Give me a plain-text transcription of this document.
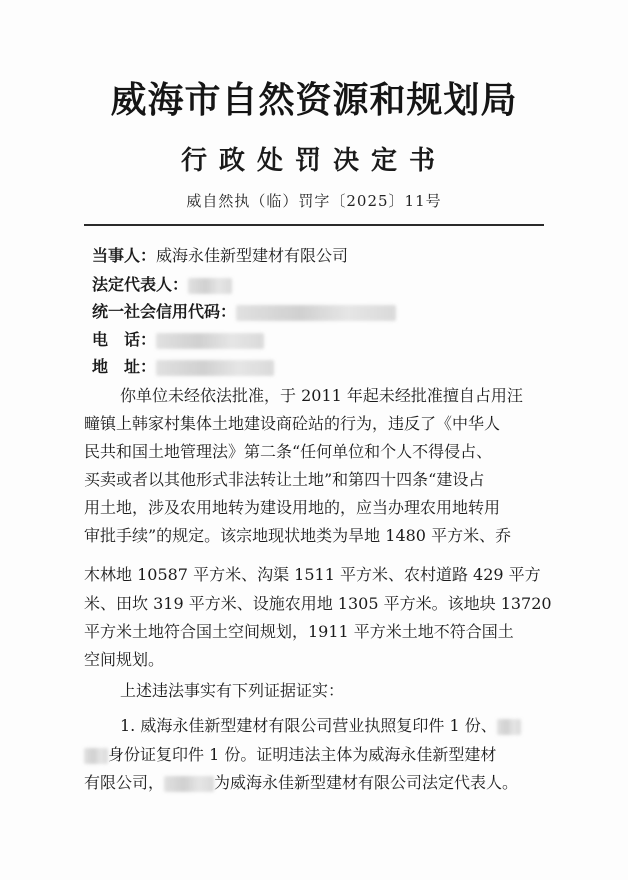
威海市自然资源和规划局
行政处罚决定书
威自然执（临）罚字〔2025〕11号
当事人：威海永佳新型建材有限公司
法定代表人：
统一社会信用代码：
电　话：
地　址：
你单位未经依法批准，于 2011 年起未经批准擅自占用汪
疃镇上韩家村集体土地建设商砼站的行为，违反了《中华人
民共和国土地管理法》第二条“任何单位和个人不得侵占、
买卖或者以其他形式非法转让土地”和第四十四条“建设占
用土地，涉及农用地转为建设用地的，应当办理农用地转用
审批手续”的规定。该宗地现状地类为旱地 1480 平方米、乔
木林地 10587 平方米、沟渠 1511 平方米、农村道路 429 平方
米、田坎 319 平方米、设施农用地 1305 平方米。该地块 13720
平方米土地符合国土空间规划，1911 平方米土地不符合国土
空间规划。
上述违法事实有下列证据证实：
1. 威海永佳新型建材有限公司营业执照复印件 1 份、
身份证复印件 1 份。证明违法主体为威海永佳新型建材
有限公司，	为威海永佳新型建材有限公司法定代表人。
